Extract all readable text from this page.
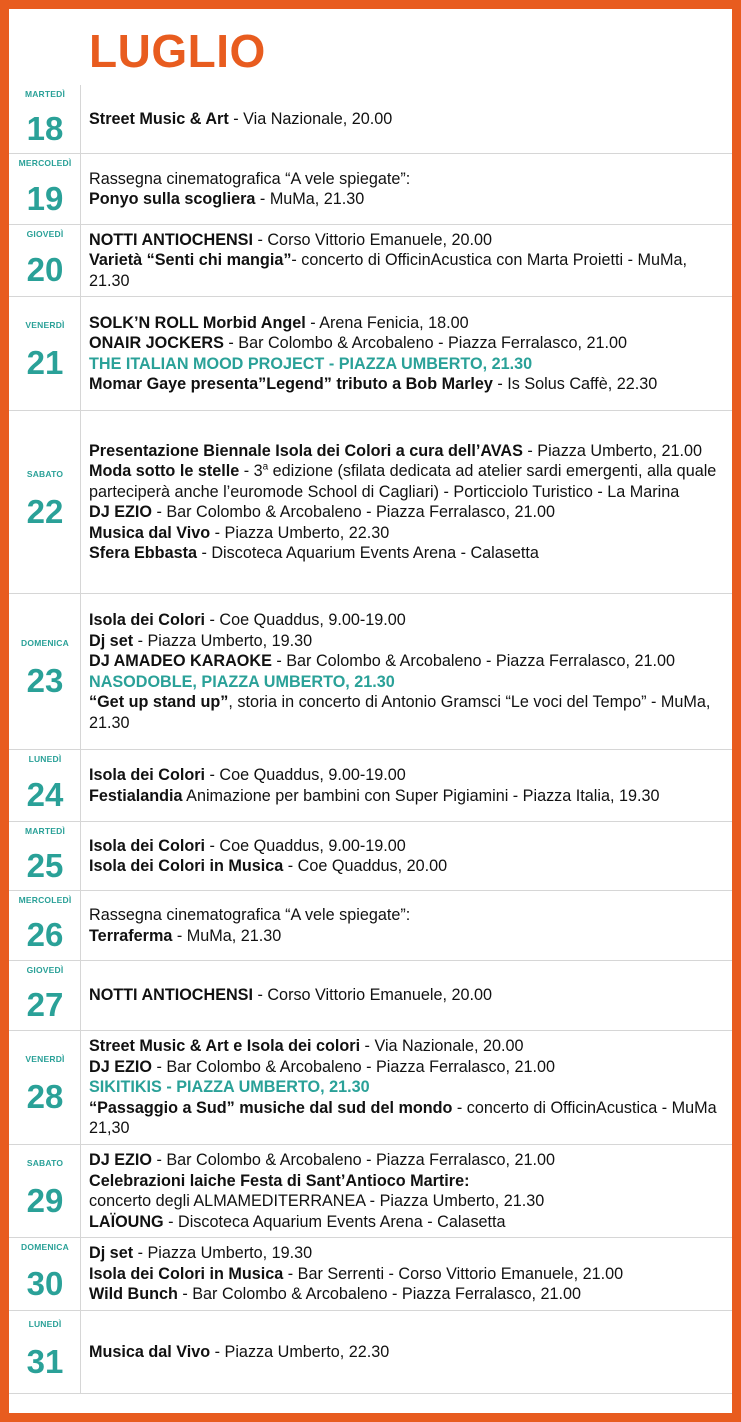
LUGLIO
MARTEDÌ
18	Street Music & Art - Via Nazionale, 20.00
MERCOLEDÌ
19
Rassegna cinematografica “A vele spiegate”:
Ponyo sulla scogliera - MuMa, 21.30
GIOVEDÌ
20
NOTTI ANTIOCHENSI - Corso Vittorio Emanuele, 20.00
Varietà “Senti chi mangia”- concerto di OfficinAcustica con Marta Proietti - MuMa, 21.30
VENERDÌ
21
SOLK’N ROLL Morbid Angel - Arena Fenicia, 18.00
ONAIR JOCKERS - Bar Colombo & Arcobaleno - Piazza Ferralasco, 21.00
THE ITALIAN MOOD PROJECT - PIAZZA UMBERTO, 21.30
Momar Gaye presenta”Legend” tributo a Bob Marley - Is Solus Caffè, 22.30
SABATO
22
Presentazione Biennale Isola dei Colori a cura dell’AVAS - Piazza Umberto, 21.00
Moda sotto le stelle - 3$^a$ edizione (sfilata dedicata ad atelier sardi emergenti, alla quale parteciperà anche l’euromode School di Cagliari) - Porticciolo Turistico - La Marina
DJ EZIO - Bar Colombo & Arcobaleno - Piazza Ferralasco, 21.00
Musica dal Vivo - Piazza Umberto, 22.30
Sfera Ebbasta - Discoteca Aquarium Events Arena - Calasetta
DOMENICA
23
Isola dei Colori - Coe Quaddus, 9.00-19.00
Dj set - Piazza Umberto, 19.30
DJ AMADEO KARAOKE - Bar Colombo & Arcobaleno - Piazza Ferralasco, 21.00
NASODOBLE, PIAZZA UMBERTO, 21.30
“Get up stand up”, storia in concerto di Antonio Gramsci “Le voci del Tempo” - MuMa, 21.30
LUNEDÌ
24
Isola dei Colori - Coe Quaddus, 9.00-19.00
Festialandia Animazione per bambini con Super Pigiamini - Piazza Italia, 19.30
MARTEDÌ
25
Isola dei Colori - Coe Quaddus, 9.00-19.00
Isola dei Colori in Musica - Coe Quaddus, 20.00
MERCOLEDÌ
26
Rassegna cinematografica “A vele spiegate”:
Terraferma - MuMa, 21.30
GIOVEDÌ
27	NOTTI ANTIOCHENSI - Corso Vittorio Emanuele, 20.00
VENERDÌ
28
Street Music & Art e Isola dei colori - Via Nazionale, 20.00
DJ EZIO - Bar Colombo & Arcobaleno - Piazza Ferralasco, 21.00
SIKITIKIS - PIAZZA UMBERTO, 21.30
“Passaggio a Sud” musiche dal sud del mondo - concerto di OfficinAcustica - MuMa 21,30
SABATO
29
DJ EZIO - Bar Colombo & Arcobaleno - Piazza Ferralasco, 21.00
Celebrazioni laiche Festa di Sant’Antioco Martire:
concerto degli ALMAMEDITERRANEA - Piazza Umberto, 21.30
LAÏOUNG - Discoteca Aquarium Events Arena - Calasetta
DOMENICA
30
Dj set - Piazza Umberto, 19.30
Isola dei Colori in Musica - Bar Serrenti - Corso Vittorio Emanuele, 21.00
Wild Bunch - Bar Colombo & Arcobaleno - Piazza Ferralasco, 21.00
LUNEDÌ
31	Musica dal Vivo - Piazza Umberto, 22.30
